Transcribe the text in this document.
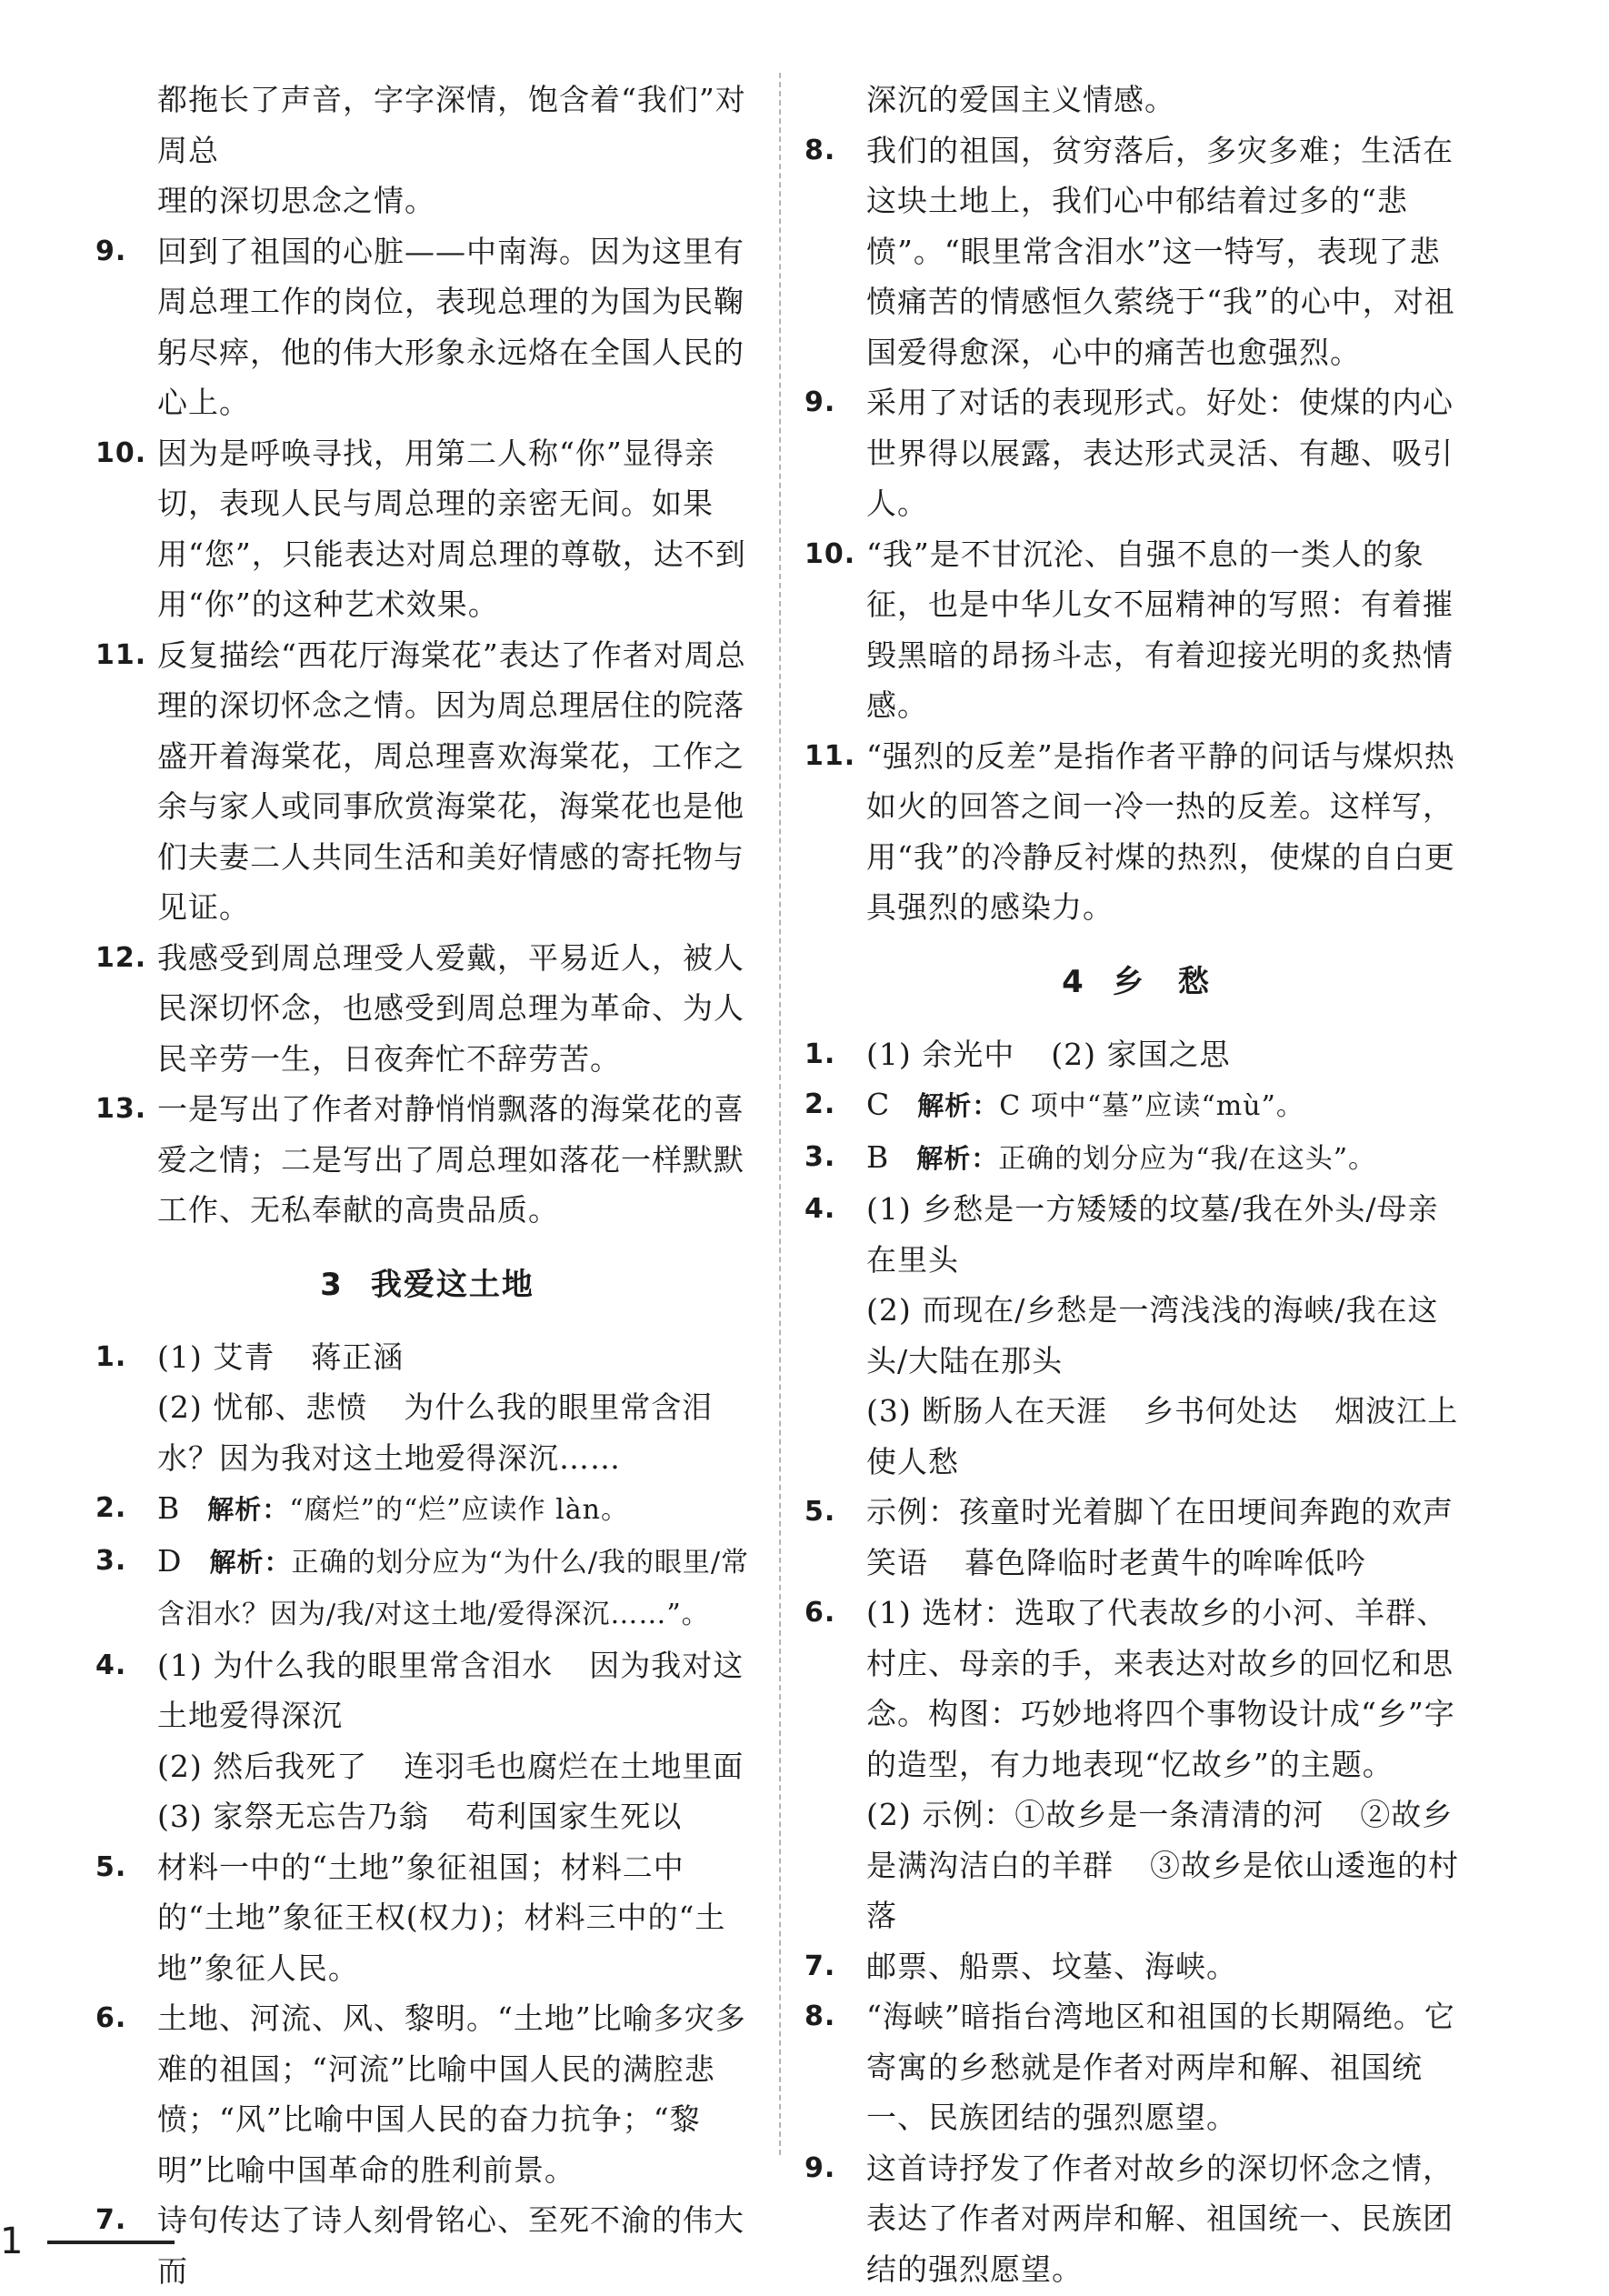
都拖长了声音，字字深情，饱含着“我们”对周总
理的深切思念之情。
9.	回到了祖国的心脏——中南海。因为这里有周总理工作的岗位，表现总理的为国为民鞠躬尽瘁，他的伟大形象永远烙在全国人民的心上。
10. 因为是呼唤寻找，用第二人称“你”显得亲切，表现人民与周总理的亲密无间。如果用“您”，只能表达对周总理的尊敬，达不到用“你”的这种艺术效果。
11. 反复描绘“西花厅海棠花”表达了作者对周总理的深切怀念之情。因为周总理居住的院落盛开着海棠花，周总理喜欢海棠花，工作之余与家人或同事欣赏海棠花，海棠花也是他们夫妻二人共同生活和美好情感的寄托物与见证。
12. 我感受到周总理受人爱戴，平易近人，被人民深切怀念，也感受到周总理为革命、为人民辛劳一生，日夜奔忙不辞劳苦。
13. 一是写出了作者对静悄悄飘落的海棠花的喜爱之情；二是写出了周总理如落花一样默默工作、无私奉献的高贵品质。
3 我爱这土地
1.	(1) 艾青 蒋正涵
(2) 忧郁、悲愤 为什么我的眼里常含泪水？因为我对这土地爱得深沉……
2.	B 解析：“腐烂”的“烂”应读作 làn。
3.	D 解析：正确的划分应为“为什么/我的眼里/常含泪水？因为/我/对这土地/爱得深沉……”。
4.	(1) 为什么我的眼里常含泪水 因为我对这土地爱得深沉
(2) 然后我死了 连羽毛也腐烂在土地里面
(3) 家祭无忘告乃翁 苟利国家生死以
5.	材料一中的“土地”象征祖国；材料二中的“土地”象征王权(权力)；材料三中的“土地”象征人民。
6.	土地、河流、风、黎明。“土地”比喻多灾多难的祖国；“河流”比喻中国人民的满腔悲愤；“风”比喻中国人民的奋力抗争；“黎明”比喻中国革命的胜利前景。
7.	诗句传达了诗人刻骨铭心、至死不渝的伟大而
深沉的爱国主义情感。
8.	我们的祖国，贫穷落后，多灾多难；生活在这块土地上，我们心中郁结着过多的“悲愤”。“眼里常含泪水”这一特写，表现了悲愤痛苦的情感恒久萦绕于“我”的心中，对祖国爱得愈深，心中的痛苦也愈强烈。
9.	采用了对话的表现形式。好处：使煤的内心世界得以展露，表达形式灵活、有趣、吸引人。
10. “我”是不甘沉沦、自强不息的一类人的象征，也是中华儿女不屈精神的写照：有着摧毁黑暗的昂扬斗志，有着迎接光明的炙热情感。
11. “强烈的反差”是指作者平静的问话与煤炽热如火的回答之间一冷一热的反差。这样写，用“我”的冷静反衬煤的热烈，使煤的自白更具强烈的感染力。
4 乡　愁
1.	(1) 余光中 (2) 家国之思
2.	C 解析：C 项中“墓”应读“mù”。
3.	B 解析：正确的划分应为“我/在这头”。
4.	(1) 乡愁是一方矮矮的坟墓/我在外头/母亲在里头
(2) 而现在/乡愁是一湾浅浅的海峡/我在这头/大陆在那头
(3) 断肠人在天涯 乡书何处达 烟波江上使人愁
5.	示例：孩童时光着脚丫在田埂间奔跑的欢声笑语 暮色降临时老黄牛的哞哞低吟
6.	(1) 选材：选取了代表故乡的小河、羊群、村庄、母亲的手，来表达对故乡的回忆和思念。构图：巧妙地将四个事物设计成“乡”字的造型，有力地表现“忆故乡”的主题。
(2) 示例：①故乡是一条清清的河 ②故乡是满沟洁白的羊群 ③故乡是依山逶迤的村落
7.	邮票、船票、坟墓、海峡。
8.	“海峡”暗指台湾地区和祖国的长期隔绝。它寄寓的乡愁就是作者对两岸和解、祖国统一、民族团结的强烈愿望。
9.	这首诗抒发了作者对故乡的深切怀念之情，表达了作者对两岸和解、祖国统一、民族团结的强烈愿望。
1
